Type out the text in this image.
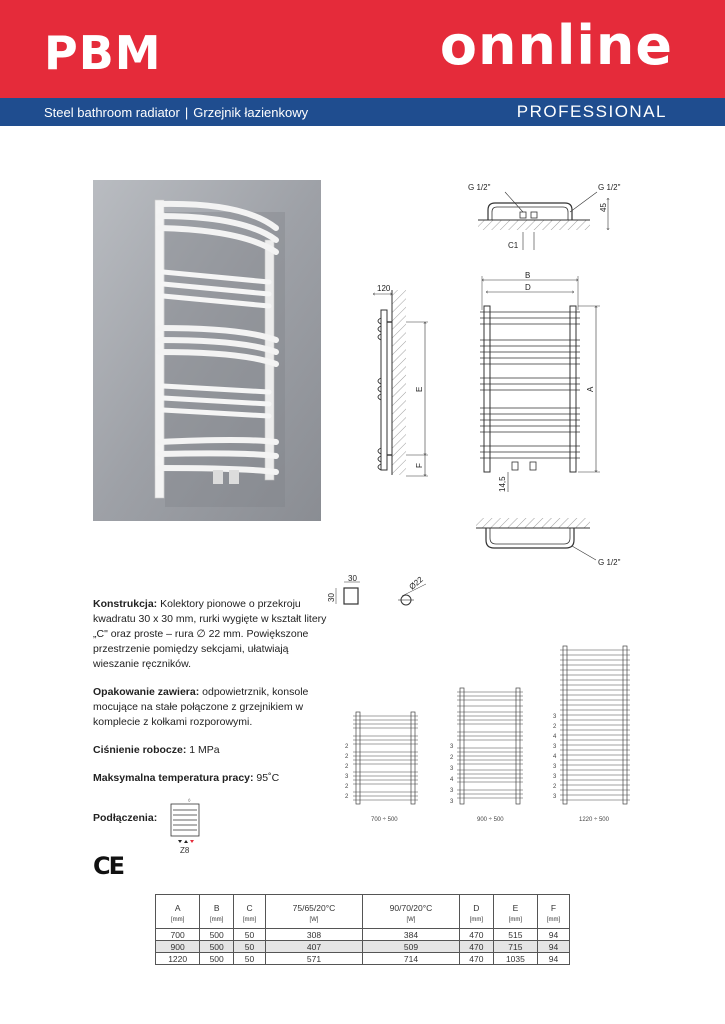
PBM	onnline
Steel bathroom radiator | Grzejnik łazienkowy	PROFESSIONAL
G 1/2"	G 1/2"
45
C1
120
E
F
B
D
A
14,5
G 1/2"
30
30
Ø22
◊
2
2
2
3
2
2
3
2
3
4
3
3
3
2
4
3
4
3
3
2
3

Konstrukcja: Kolektory pionowe o przekroju kwadratu 30 x 30 mm, rurki wygięte w kształt litery „C" oraz proste – rura ∅ 22 mm. Powiększone przestrzenie pomiędzy sekcjami, ułatwiają wieszanie ręczników.

Opakowanie zawiera: odpowietrznik, konsole mocujące na stałe połączone z grzejnikiem w komplecie z kołkami rozporowymi.

Ciśnienie robocze: 1 MPa

Maksymalna temperatura pracy: 95˚C

Podłączenia:
Z8
CE
700 ÷ 500	900 ÷ 500	1220 ÷ 500
A	B	C	75/65/20°C	90/70/20°C	D	E	F
[mm]	[mm]	[mm]	[W]	[W]	[mm]	[mm]	[mm]
700	500	50	308	384	470	515	94
900	500	50	407	509	470	715	94
1220	500	50	571	714	470	1035	94
